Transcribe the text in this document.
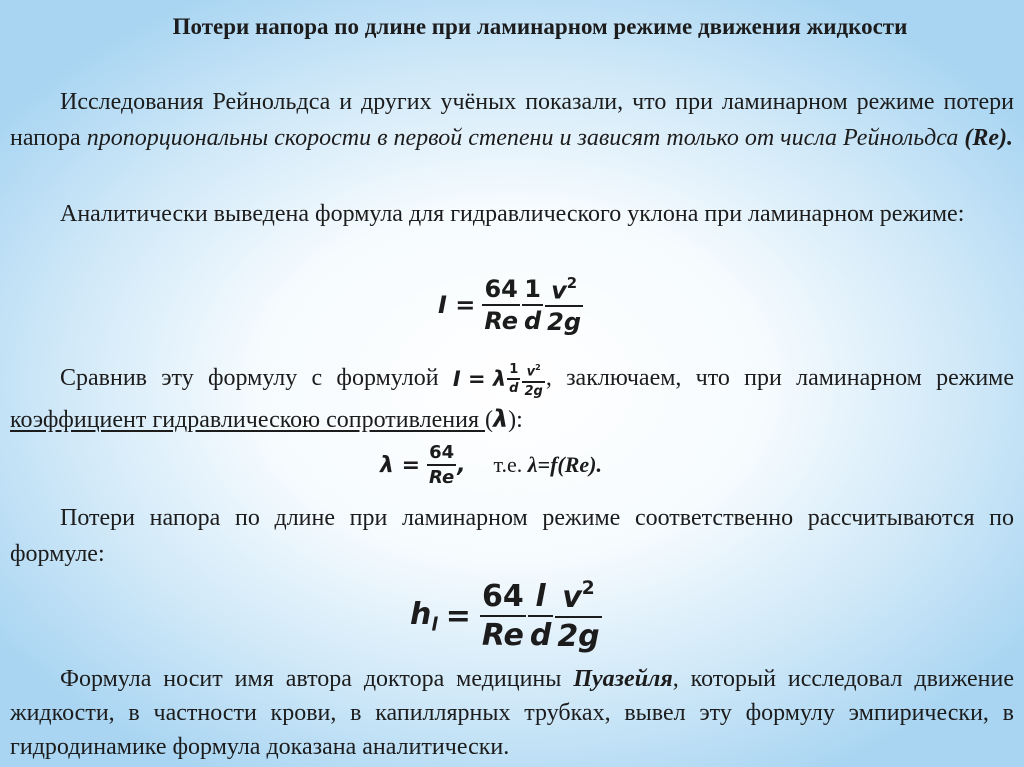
Потери напора по длине при ламинарном режиме движения жидкости
Исследования Рейнольдса и других учёных показали, что при ламинарном режиме потери напора пропорциональны скорости в первой степени и зависят только от числа Рейнольдса (Re).
Аналитически выведена формула для гидравлического уклона при ламинарном режиме:
$I = \frac{64}{Re} \frac{1}{d} \frac{v^2}{2g}$
Сравнив эту формулу с формулой I = λ $\frac{1}{d} \frac{v^2}{2g}$ , заключаем, что при ламинарном режиме коэффициент гидравлическою сопротивления (λ):
$\lambda = \frac{64}{Re}$ , т.е. λ=f(Re).
Потери напора по длине при ламинарном режиме соответственно рассчитываются по формуле:
$h_l = \frac{64}{Re} \frac{l}{d} \frac{v^2}{2g}$
Формула носит имя автора доктора медицины Пуазейля, который исследовал движение жидкости, в частности крови, в капиллярных трубках, вывел эту формулу эмпирически, в гидродинамике формула доказана аналитически.
